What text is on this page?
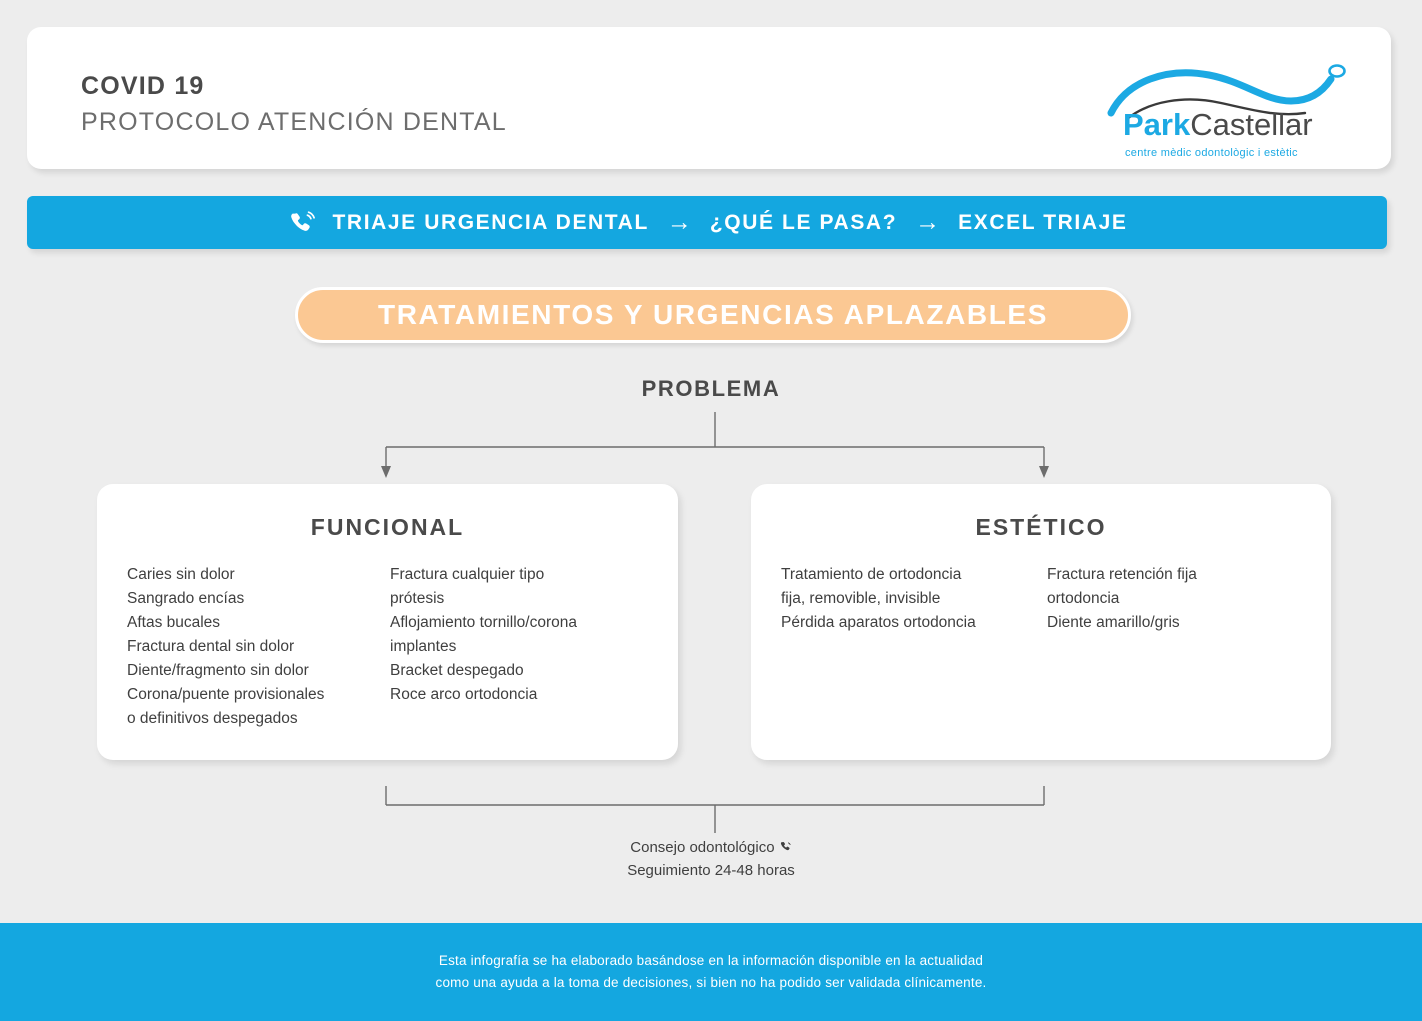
COVID 19
PROTOCOLO ATENCIÓN DENTAL	ParkCastellar
centre mèdic odontològic i estètic
TRIAJE URGENCIA DENTAL → ¿QUÉ LE PASA? → EXCEL TRIAJE
TRATAMIENTOS Y URGENCIAS APLAZABLES
PROBLEMA
FUNCIONAL
Caries sin dolor
Sangrado encías
Aftas bucales
Fractura dental sin dolor
Diente/fragmento sin dolor
Corona/puente provisionales
o definitivos despegados
Fractura cualquier tipo
prótesis
Aflojamiento tornillo/corona
implantes
Bracket despegado
Roce arco ortodoncia
ESTÉTICO
Tratamiento de ortodoncia
fija, removible, invisible
Pérdida aparatos ortodoncia
Fractura retención fija
ortodoncia
Diente amarillo/gris
Consejo odontológico
Seguimiento 24-48 horas
Esta infografía se ha elaborado basándose en la información disponible en la actualidad
como una ayuda a la toma de decisiones, si bien no ha podido ser validada clínicamente.
